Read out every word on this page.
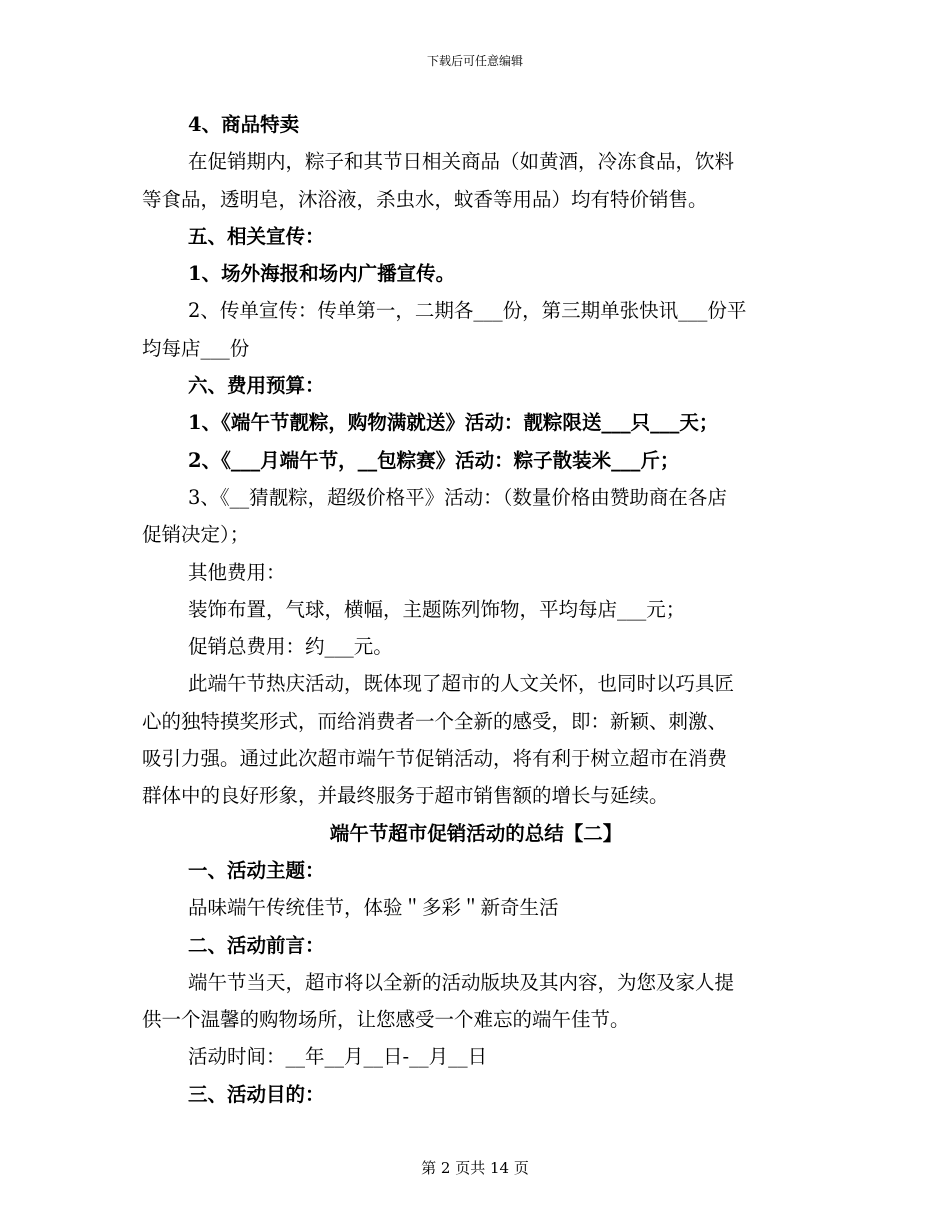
下载后可任意编辑
4、商品特卖
在促销期内，粽子和其节日相关商品（如黄酒，冷冻食品，饮料
等食品，透明皂，沐浴液，杀虫水，蚊香等用品）均有特价销售。
五、相关宣传：
1、场外海报和场内广播宣传。
2、传单宣传：传单第一，二期各___份，第三期单张快讯___份平
均每店___份
六、费用预算：
1、《端午节靓粽，购物满就送》活动：靓粽限送___只___天；
2、《___月端午节，__包粽赛》活动：粽子散装米___斤；
3、《__猜靓粽，超级价格平》活动：（数量价格由赞助商在各店
促销决定）；
其他费用：
装饰布置，气球，横幅，主题陈列饰物，平均每店___元；
促销总费用：约___元。
此端午节热庆活动，既体现了超市的人文关怀，也同时以巧具匠
心的独特摸奖形式，而给消费者一个全新的感受，即：新颖、刺激、
吸引力强。通过此次超市端午节促销活动，将有利于树立超市在消费
群体中的良好形象，并最终服务于超市销售额的增长与延续。
端午节超市促销活动的总结【二】
一、活动主题：
品味端午传统佳节，体验＂多彩＂新奇生活
二、活动前言：
端午节当天，超市将以全新的活动版块及其内容，为您及家人提
供一个温馨的购物场所，让您感受一个难忘的端午佳节。
活动时间：__年__月__日-__月__日
三、活动目的：
第 2 页共 14 页
